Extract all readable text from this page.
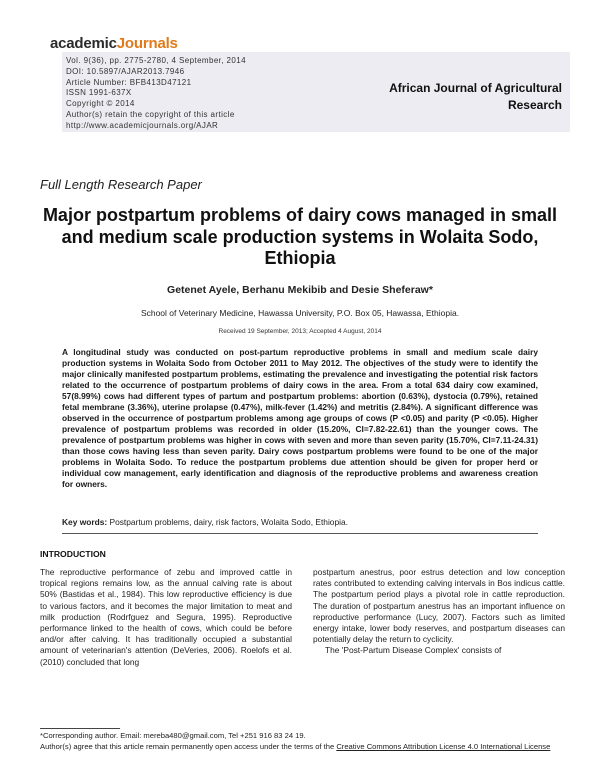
academicJournals
Vol. 9(36), pp. 2775-2780, 4 September, 2014
DOI: 10.5897/AJAR2013.7946
Article Number: BFB413D47121
ISSN 1991-637X
Copyright © 2014
Author(s) retain the copyright of this article
http://www.academicjournals.org/AJAR
African Journal of Agricultural
Research
Full Length Research Paper
Major postpartum problems of dairy cows managed in small and medium scale production systems in Wolaita Sodo, Ethiopia
Getenet Ayele, Berhanu Mekibib and Desie Sheferaw*
School of Veterinary Medicine, Hawassa University, P.O. Box 05, Hawassa, Ethiopia.
Received 19 September, 2013; Accepted 4 August, 2014
A longitudinal study was conducted on post-partum reproductive problems in small and medium scale dairy production systems in Wolaita Sodo from October 2011 to May 2012. The objectives of the study were to identify the major clinically manifested postpartum problems, estimating the prevalence and investigating the potential risk factors related to the occurrence of postpartum problems of dairy cows in the area. From a total 634 dairy cow examined, 57(8.99%) cows had different types of partum and postpartum problems: abortion (0.63%), dystocia (0.79%), retained fetal membrane (3.36%), uterine prolapse (0.47%), milk-fever (1.42%) and metritis (2.84%). A significant difference was observed in the occurrence of postpartum problems among age groups of cows (P <0.05) and parity (P <0.05). Higher prevalence of postpartum problems was recorded in older (15.20%, CI=7.82-22.61) than the younger cows. The prevalence of postpartum problems was higher in cows with seven and more than seven parity (15.70%, CI=7.11-24.31) than those cows having less than seven parity. Dairy cows postpartum problems were found to be one of the major problems in Wolaita Sodo. To reduce the postpartum problems due attention should be given for proper herd or individual cow management, early identification and diagnosis of the reproductive problems and awareness creation for owners.
Key words: Postpartum problems, dairy, risk factors, Wolaita Sodo, Ethiopia.
INTRODUCTION

The reproductive performance of zebu and improved cattle in tropical regions remains low, as the annual calving rate is about 50% (Bastidas et al., 1984). This low reproductive efficiency is due to various factors, and it becomes the major limitation to meat and milk production (Rodrfguez and Segura, 1995). Reproductive performance linked to the health of cows, which could be before and/or after calving. It has traditionally occupied a substantial amount of veterinarian's attention (DeVeries, 2006). Roelofs et al. (2010) concluded that long

postpartum anestrus, poor estrus detection and low conception rates contributed to extending calving intervals in Bos indicus cattle. The postpartum period plays a pivotal role in cattle reproduction. The duration of postpartum anestrus has an important influence on reproductive performance (Lucy, 2007). Factors such as limited energy intake, lower body reserves, and postpartum diseases can potentially delay the return to cyclicity.

The 'Post-Partum Disease Complex' consists of

*Corresponding author. Email: mereba480@gmail.com, Tel +251 916 83 24 19.
Author(s) agree that this article remain permanently open access under the terms of the Creative Commons Attribution License 4.0 International License
